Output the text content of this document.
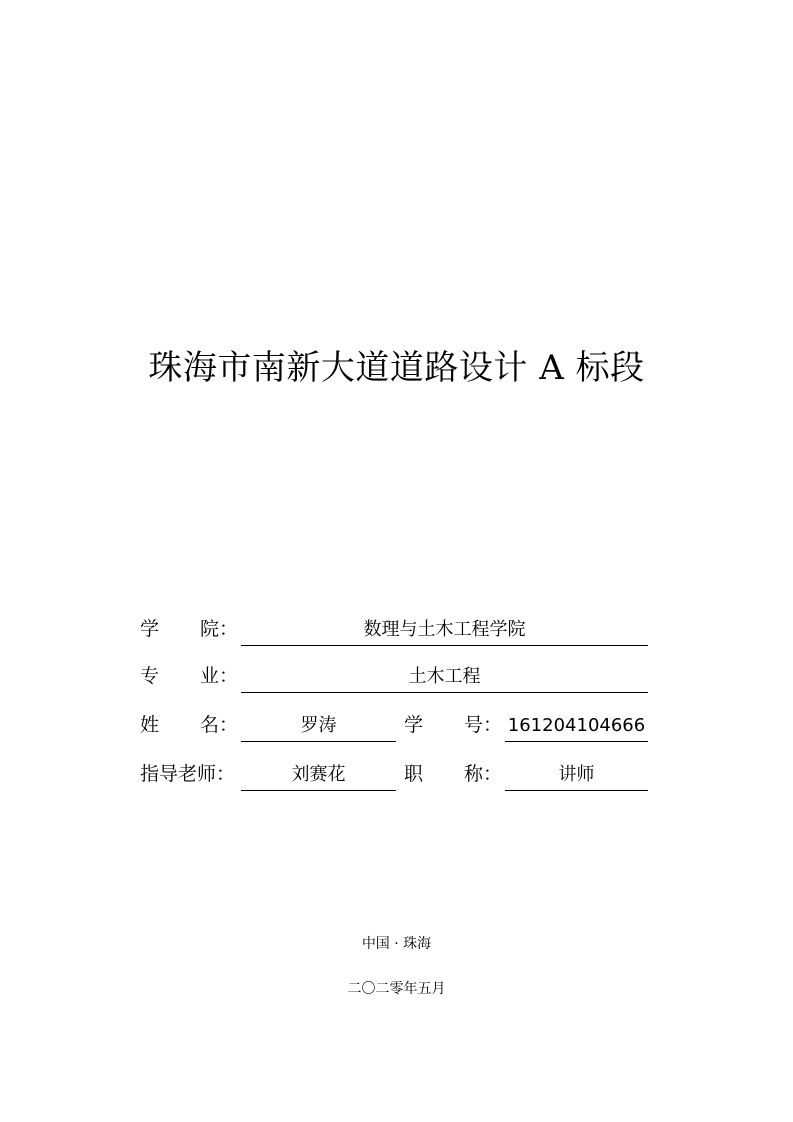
珠海市南新大道道路设计 A 标段
学 院：	数理与土木工程学院
专 业：	土木工程
姓 名：	罗涛	学 号： 161204104666
指导老师：	刘赛花	职 称：	讲师
中国 · 珠海
二〇二零年五月
